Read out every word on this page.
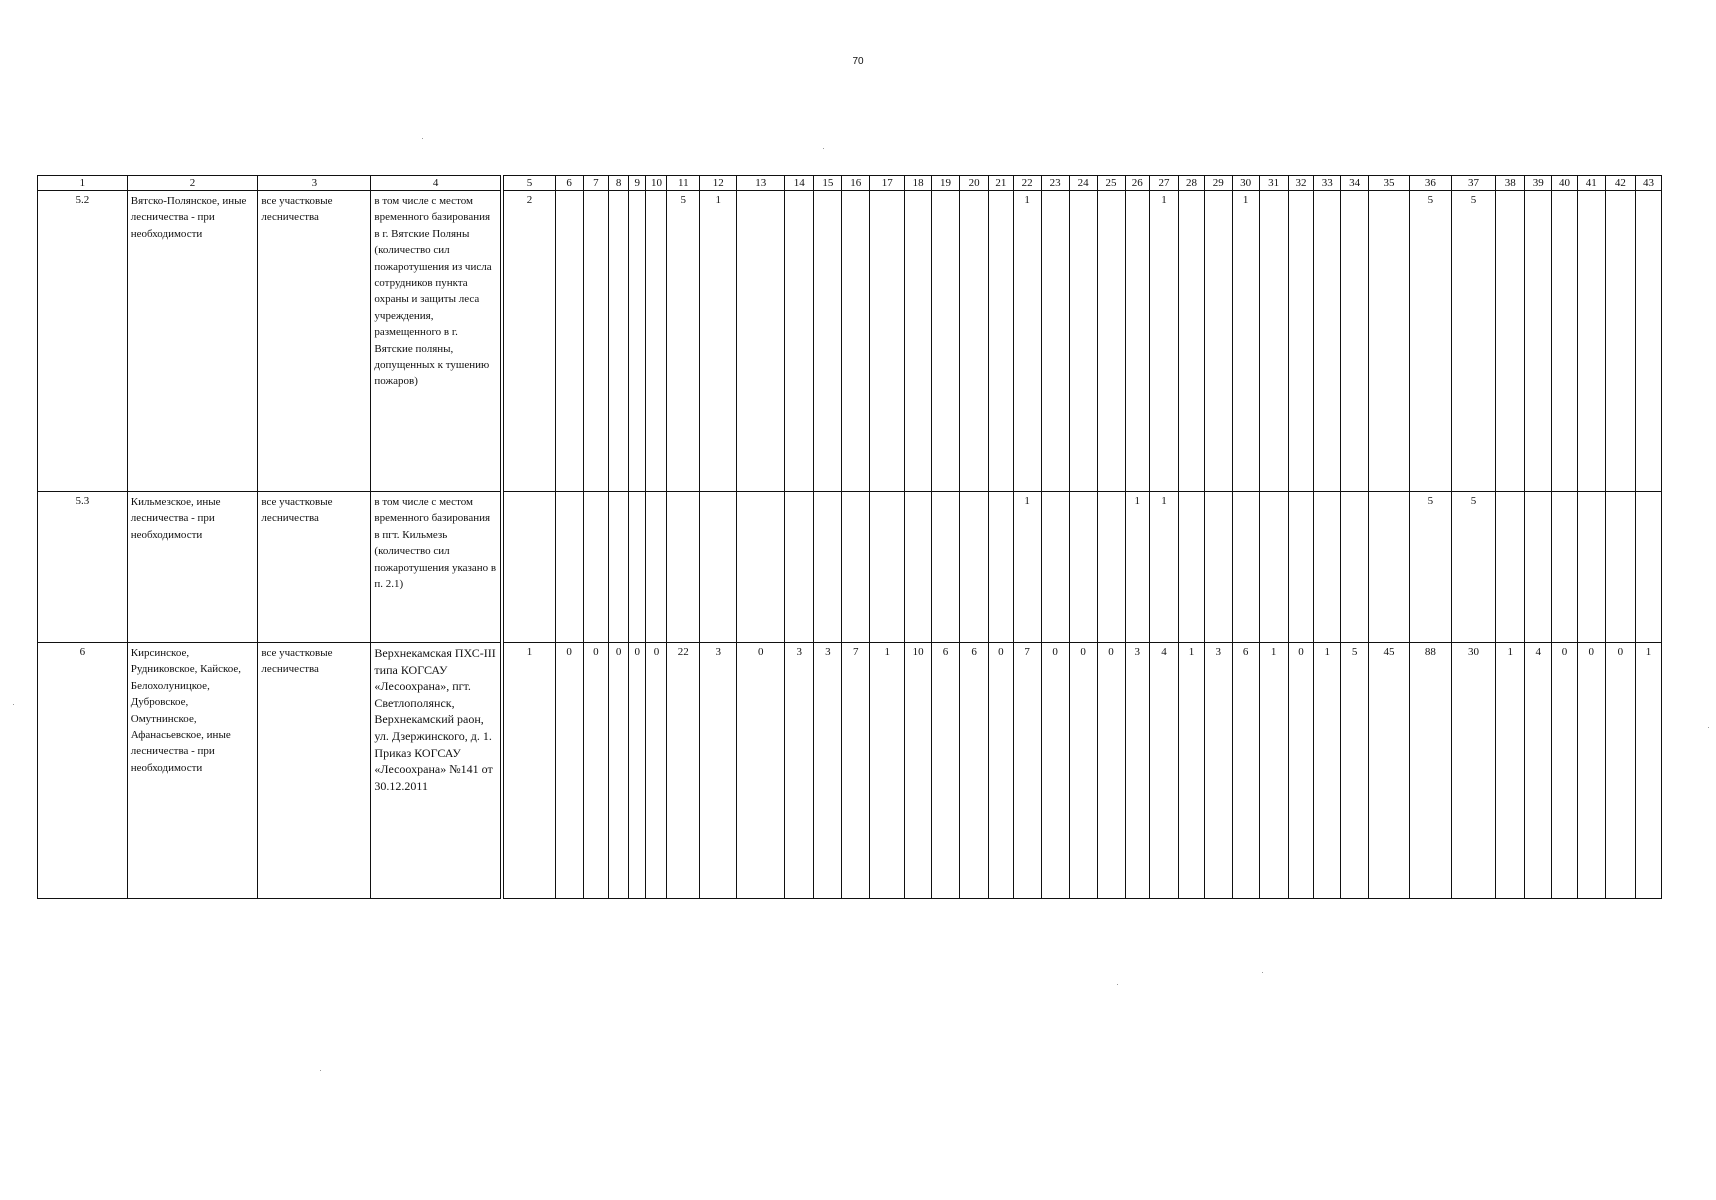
70
1	2	3	4		5	6	7	8	9	10	11	12	13	14	15	16	17	18	19	20	21	22	23	24	25	26	27	28	29	30	31	32	33	34	35	36	37	38	39	40	41	42	43
5.2	Вятско-Полянское, иные лесничества - при необходимости	все участковые лесничества	в том числе с местом временного базирования в г. Вятские Поляны (количество сил пожаротушения из числа сотрудников пункта охраны и защиты леса учреждения, размещенного в г. Вятские поляны, допущенных к тушению пожаров)		2						5	1										1					1			1						5	5						
5.3	Кильмезское, иные лесничества - при необходимости	все участковые лесничества	в том числе с местом временного базирования в пгт. Кильмезь (количество сил пожаротушения указано в п. 2.1)																			1				1	1									5	5						
6	Кирсинское, Рудниковское, Кайское, Белохолуницкое, Дубровское, Омутнинское, Афанасьевское, иные лесничества - при необходимости	все участковые лесничества	Верхнекамская ПХС-III типа КОГСАУ «Лесоохрана», пгт. Светлополянск, Верхнекамский раон, ул. Дзержинского, д. 1. Приказ КОГСАУ «Лесоохрана» №141 от 30.12.2011		1	0	0	0	0	0	22	3	0	3	3	7	1	10	6	6	0	7	0	0	0	3	4	1	3	6	1	0	1	5	45	88	30	1	4	0	0	0	1
